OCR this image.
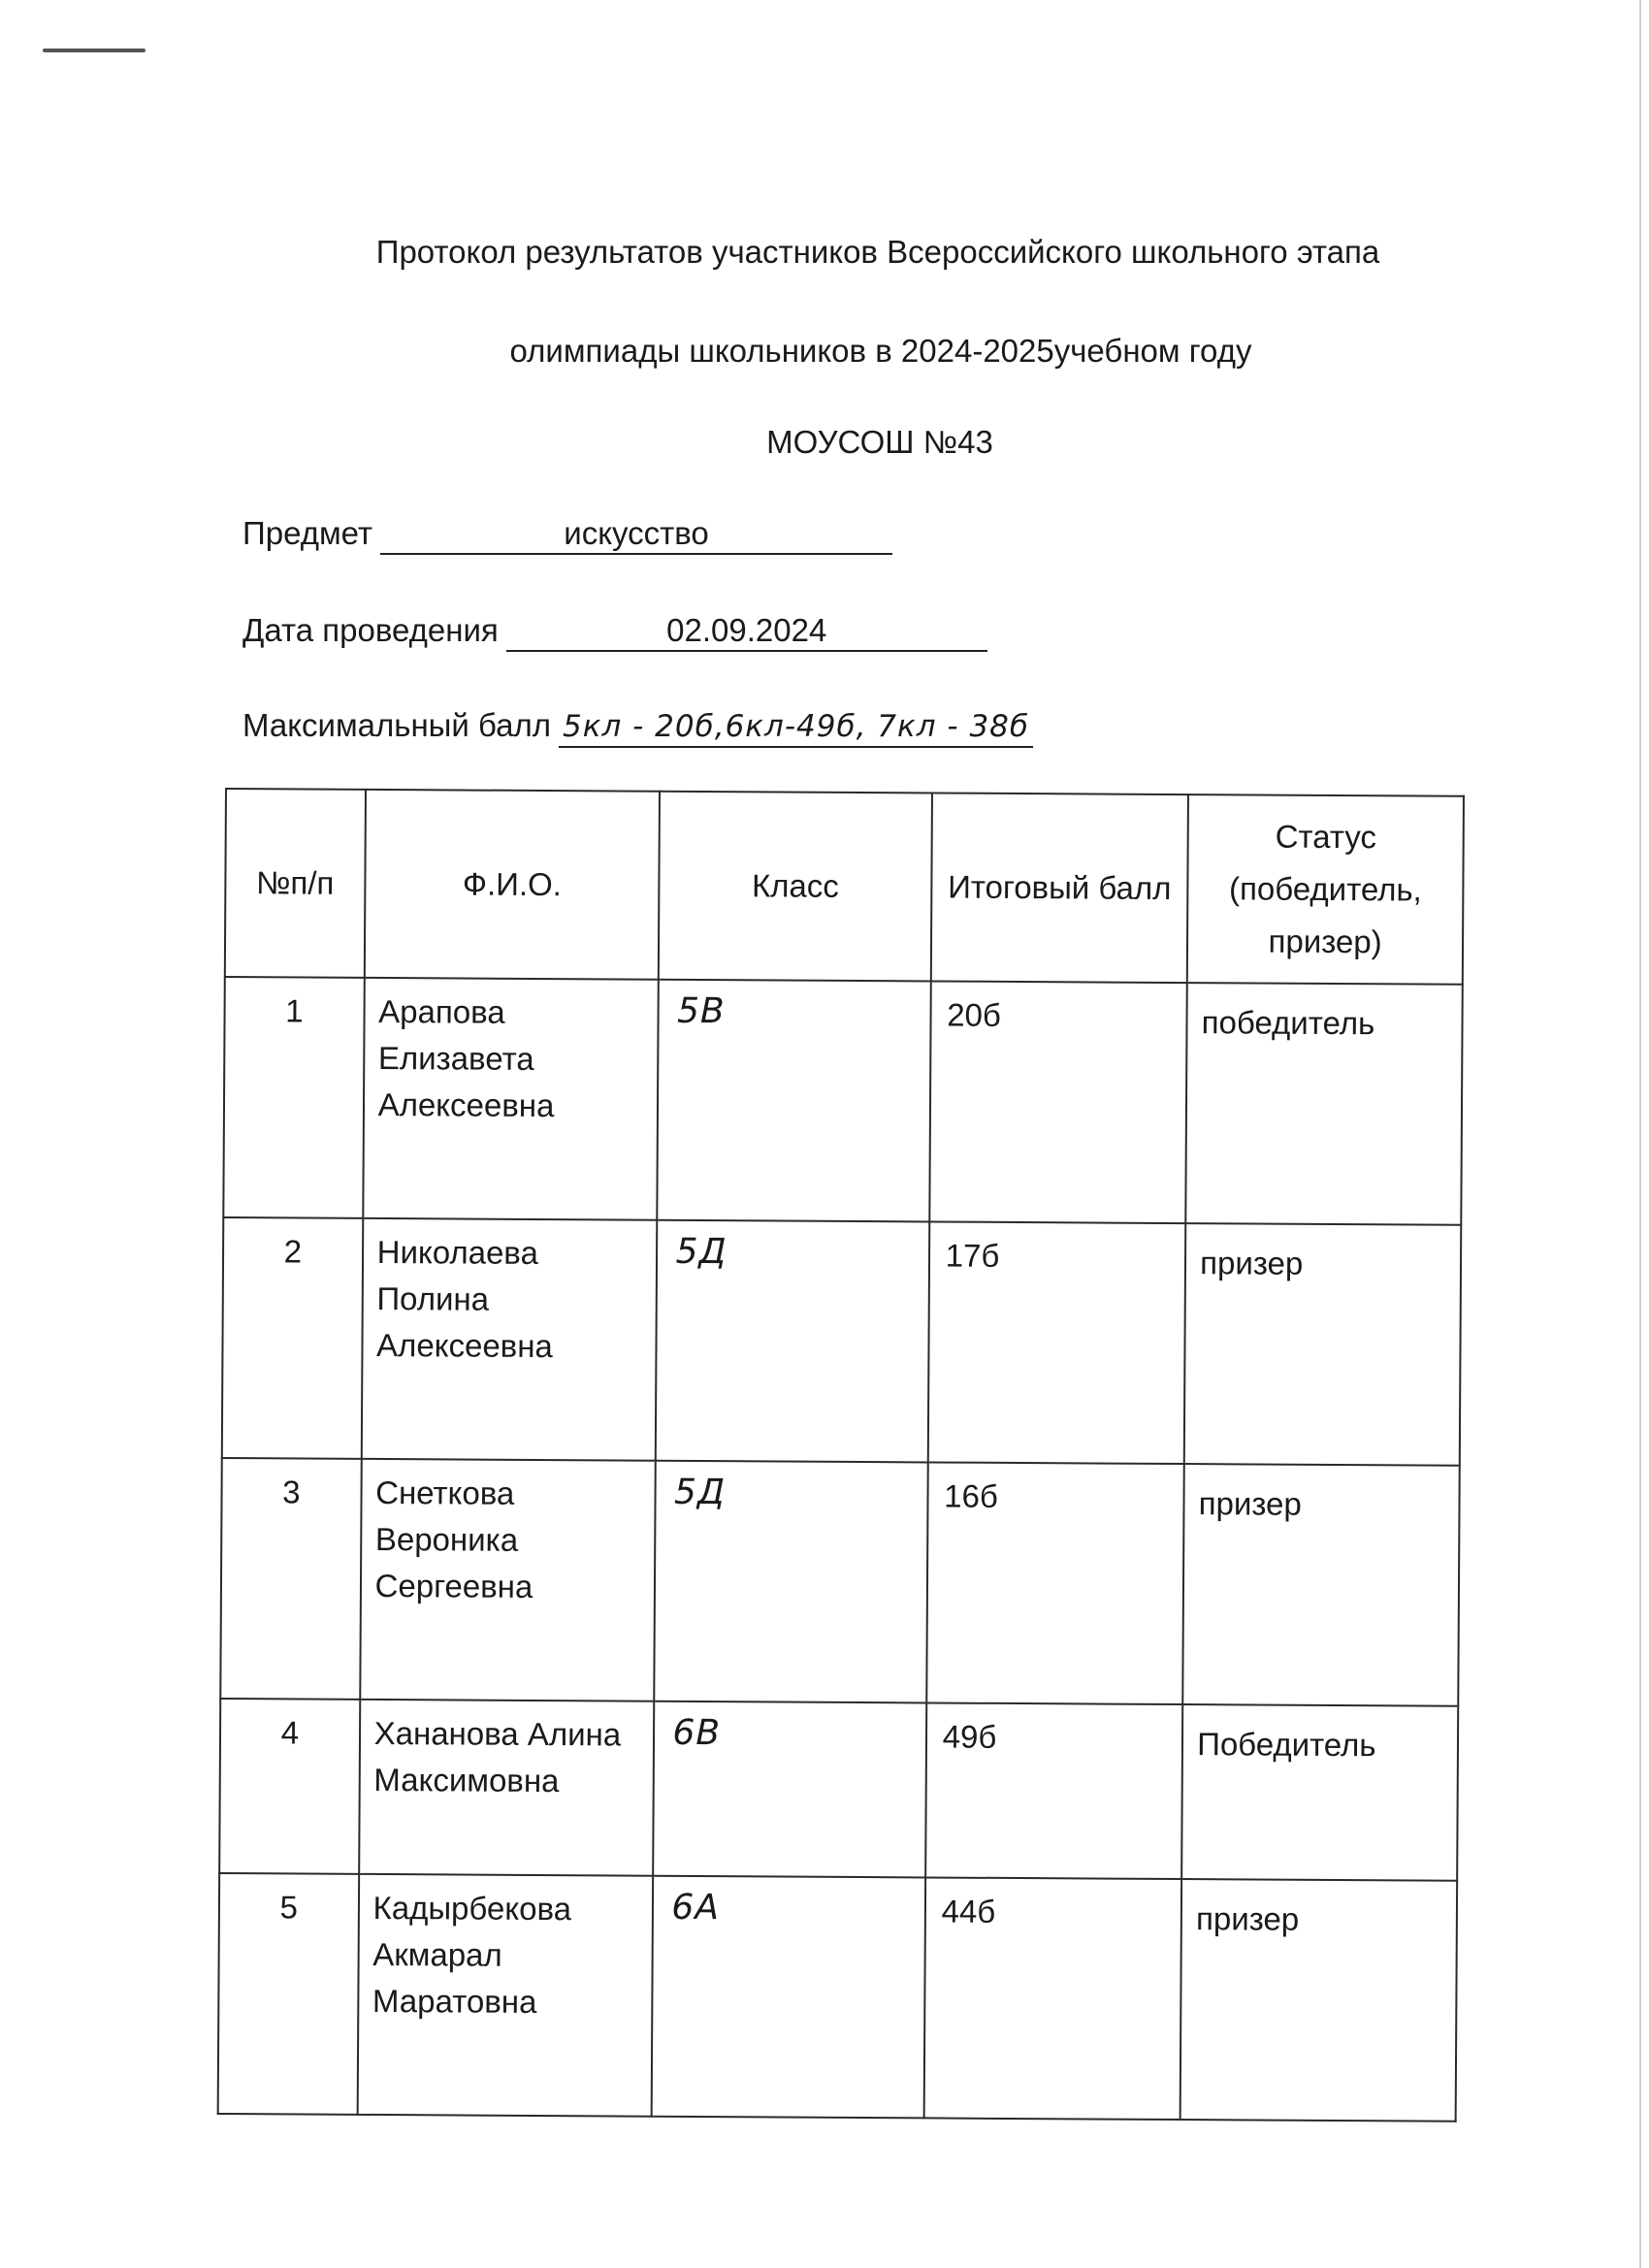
Протокол результатов участников Всероссийского школьного этапа
олимпиады школьников в 2024-2025учебном году
МОУСОШ №43
Предмет	искусство
Дата проведения	02.09.2024
Максимальный балл 5кл - 20б,6кл-49б, 7кл - 38б
№п/п	Ф.И.О.	Класс	Итоговый балл	Статус (победитель, призер)
1	Арапова Елизавета Алексеевна	5В	20б	победитель
2	Николаева Полина Алексеевна	5Д	17б	призер
3	Снеткова Вероника Сергеевна	5Д	16б	призер
4	Хананова Алина Максимовна	6В	49б	Победитель
5	Кадырбекова Акмарал Маратовна	6А	44б	призер
